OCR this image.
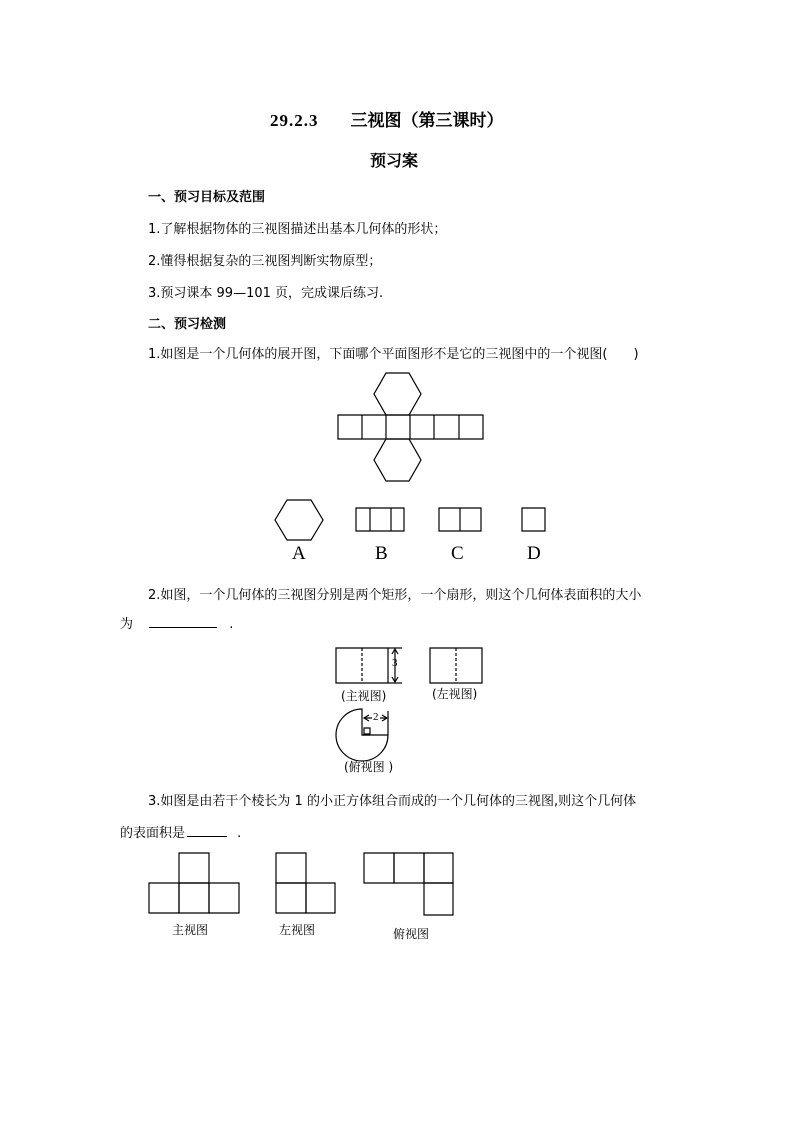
29.2.3 三视图（第三课时）
预习案
一、预习目标及范围
1.了解根据物体的三视图描述出基本几何体的形状；
2.懂得根据复杂的三视图判断实物原型；
3.预习课本 99—101 页，完成课后练习.
二、预习检测
1.如图是一个几何体的展开图，下面哪个平面图形不是它的三视图中的一个视图(　　)
A	B	C	D
2.如图，一个几何体的三视图分别是两个矩形，一个扇形，则这个几何体表面积的大小
为	.
3
2
(主视图)	(左视图)
(俯视图 )
3.如图是由若干个棱长为 1 的小正方体组合而成的一个几何体的三视图,则这个几何体
的表面积是	.
主视图	左视图	俯视图
